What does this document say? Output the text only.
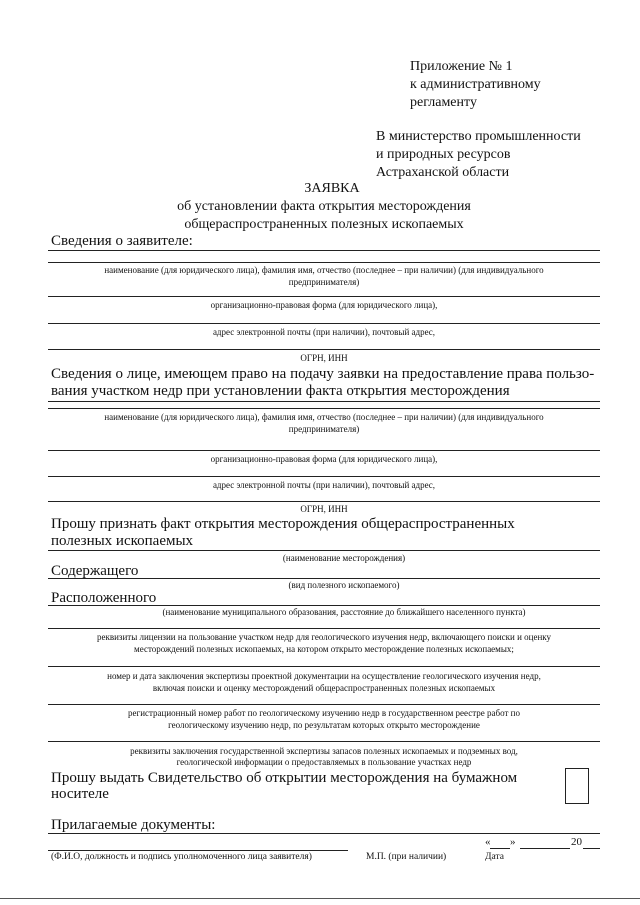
Приложение № 1
к административному
регламенту
В министерство промышленности
и природных ресурсов
Астраханской области
ЗАЯВКА
об установлении факта открытия месторождения
общераспространенных полезных ископаемых
Сведения о заявителе:
наименование (для юридического лица), фамилия имя, отчество (последнее – при наличии) (для индивидуального
предпринимателя)
организационно-правовая форма (для юридического лица),
адрес электронной почты (при наличии), почтовый адрес,
ОГРН, ИНН
Сведения о лице, имеющем право на подачу заявки на предоставление права пользо-
вания участком недр при установлении факта открытия месторождения
наименование (для юридического лица), фамилия имя, отчество (последнее – при наличии) (для индивидуального
предпринимателя)
организационно-правовая форма (для юридического лица),
адрес электронной почты (при наличии), почтовый адрес,
ОГРН, ИНН
Прошу признать факт открытия месторождения общераспространенных
полезных ископаемых
(наименование месторождения)
Содержащего
(вид полезного ископаемого)
Расположенного
(наименование муниципального образования, расстояние до ближайшего населенного пункта)
реквизиты лицензии на пользование участком недр для геологического изучения недр, включающего поиски и оценку
месторождений полезных ископаемых, на котором открыто месторождение полезных ископаемых;
номер и дата заключения экспертизы проектной документации на осуществление геологического изучения недр,
включая поиски и оценку месторождений общераспространенных полезных ископаемых
регистрационный номер работ по геологическому изучению недр в государственном реестре работ по
геологическому изучению недр, по результатам которых открыто месторождение
реквизиты заключения государственной экспертизы запасов полезных ископаемых и подземных вод,
геологической информации о предоставляемых в пользование участках недр
Прошу выдать Свидетельство об открытии месторождения на бумажном
носителе
Прилагаемые документы:
« »	20
(Ф.И.О, должность и подпись уполномоченного лица заявителя)	М.П. (при наличии)	Дата
